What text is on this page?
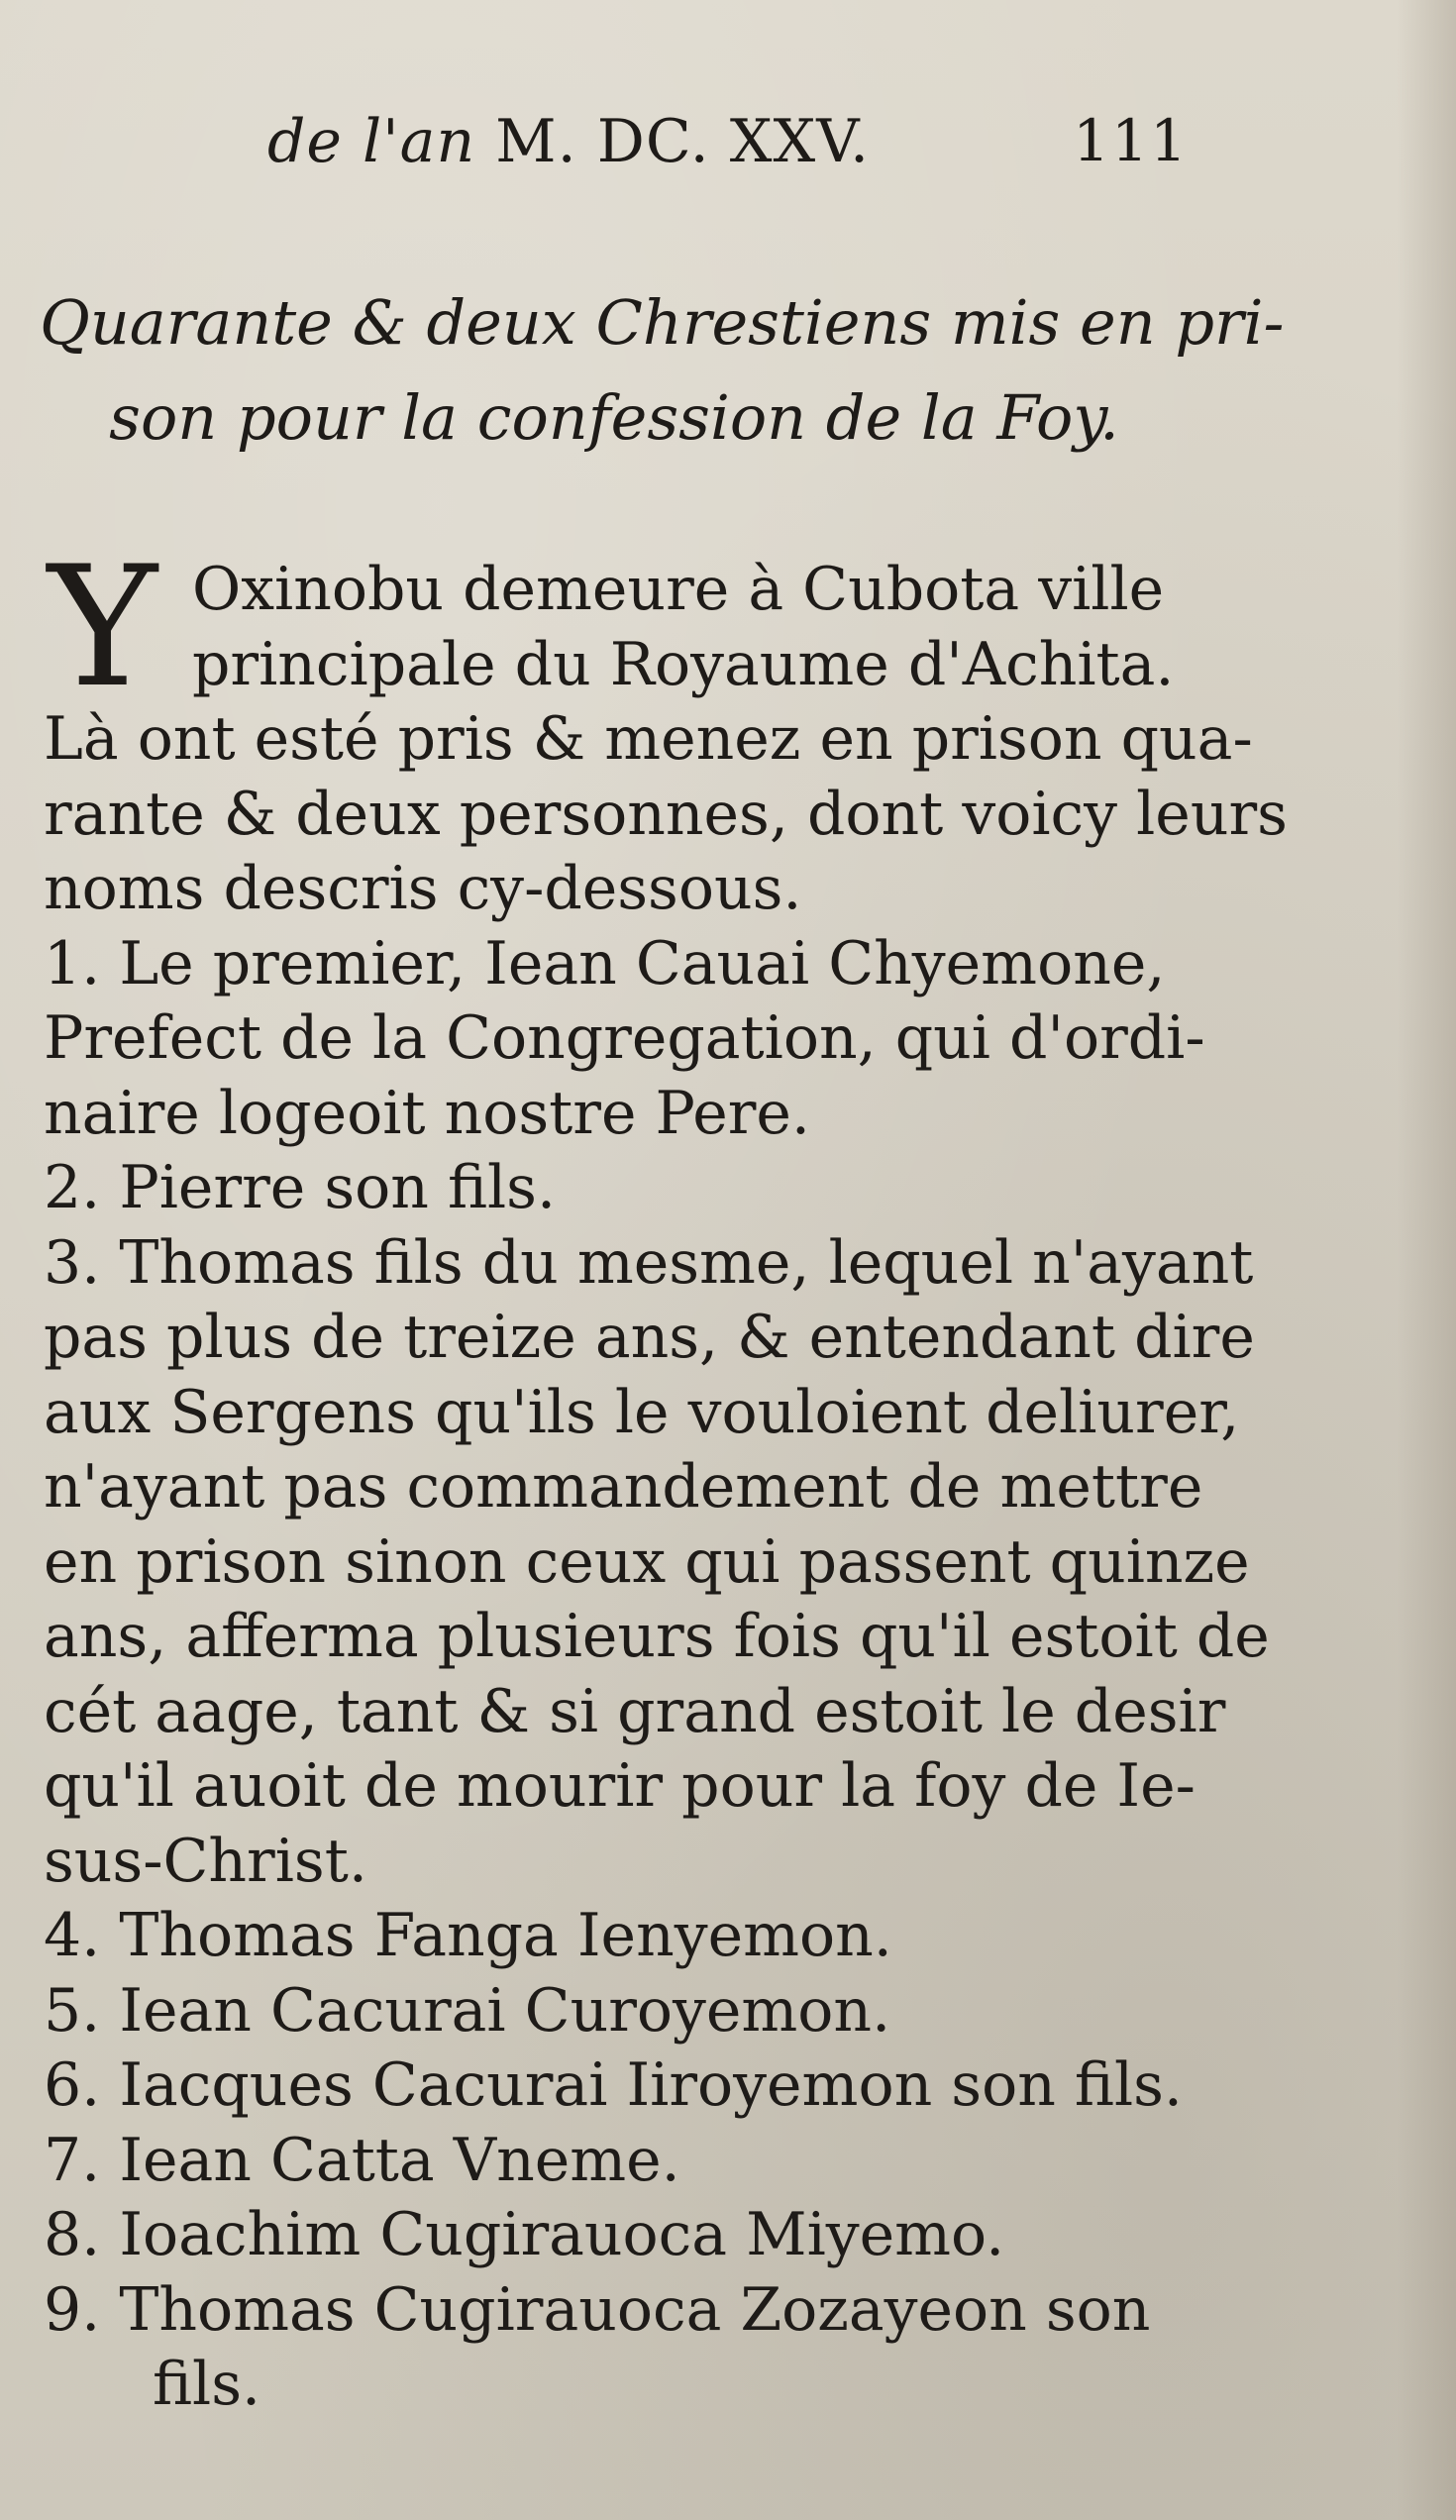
de l'an M. DC. XXV.	111
Quarante & deux Chrestiens mis en pri-
son pour la confession de la Foy.
Y Oxinobu demeure à Cubota ville
principale du Royaume d'Achita.
Là ont esté pris & menez en prison qua-
rante & deux personnes, dont voicy leurs
noms descris cy-dessous.
1. Le premier, Iean Cauai Chyemone,
Prefect de la Congregation, qui d'ordi-
naire logeoit nostre Pere.
2. Pierre son fils.
3. Thomas fils du mesme, lequel n'ayant
pas plus de treize ans, & entendant dire
aux Sergens qu'ils le vouloient deliurer,
n'ayant pas commandement de mettre
en prison sinon ceux qui passent quinze
ans, afferma plusieurs fois qu'il estoit de
cét aage, tant & si grand estoit le desir
qu'il auoit de mourir pour la foy de Ie-
sus-Christ.
4. Thomas Fanga Ienyemon.
5. Iean Cacurai Curoyemon.
6. Iacques Cacurai Iiroyemon son fils.
7. Iean Catta Vneme.
8. Ioachim Cugirauoca Miyemo.
9. Thomas Cugirauoca Zozayeon son
fils.
